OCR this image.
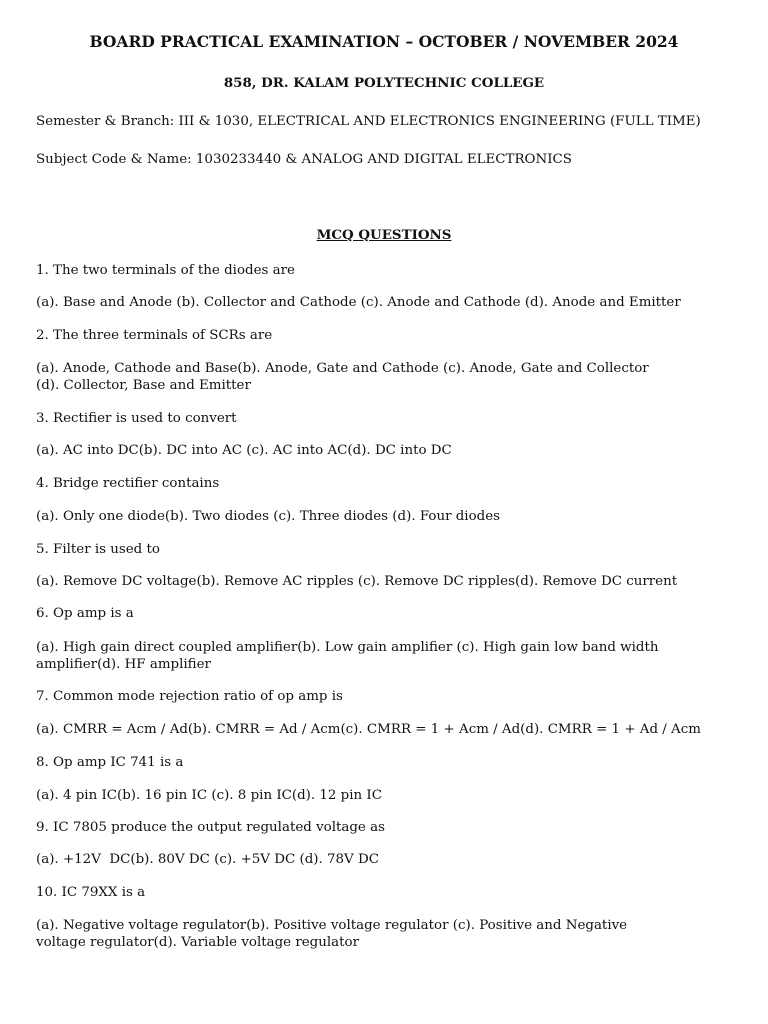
BOARD PRACTICAL EXAMINATION – OCTOBER / NOVEMBER 2024
858, DR. KALAM POLYTECHNIC COLLEGE
Semester & Branch: III & 1030, ELECTRICAL AND ELECTRONICS ENGINEERING (FULL TIME)
Subject Code & Name: 1030233440 & ANALOG AND DIGITAL ELECTRONICS
MCQ QUESTIONS
1. The two terminals of the diodes are
(a). Base and Anode (b). Collector and Cathode (c). Anode and Cathode (d). Anode and Emitter
2. The three terminals of SCRs are
(a). Anode, Cathode and Base(b). Anode, Gate and Cathode (c). Anode, Gate and Collector (d). Collector, Base and Emitter
3. Rectifier is used to convert
(a). AC into DC(b). DC into AC (c). AC into AC(d). DC into DC
4. Bridge rectifier contains
(a). Only one diode(b). Two diodes (c). Three diodes (d). Four diodes
5. Filter is used to
(a). Remove DC voltage(b). Remove AC ripples (c). Remove DC ripples(d). Remove DC current
6. Op amp is a
(a). High gain direct coupled amplifier(b). Low gain amplifier (c). High gain low band width amplifier(d). HF amplifier
7. Common mode rejection ratio of op amp is
(a). CMRR = Acm / Ad(b). CMRR = Ad / Acm(c). CMRR = 1 + Acm / Ad(d). CMRR = 1 + Ad / Acm
8. Op amp IC 741 is a
(a). 4 pin IC(b). 16 pin IC (c). 8 pin IC(d). 12 pin IC
9. IC 7805 produce the output regulated voltage as
(a). +12V  DC(b). 80V DC (c). +5V DC (d). 78V DC
10. IC 79XX is a
(a). Negative voltage regulator(b). Positive voltage regulator (c). Positive and Negative voltage regulator(d). Variable voltage regulator
